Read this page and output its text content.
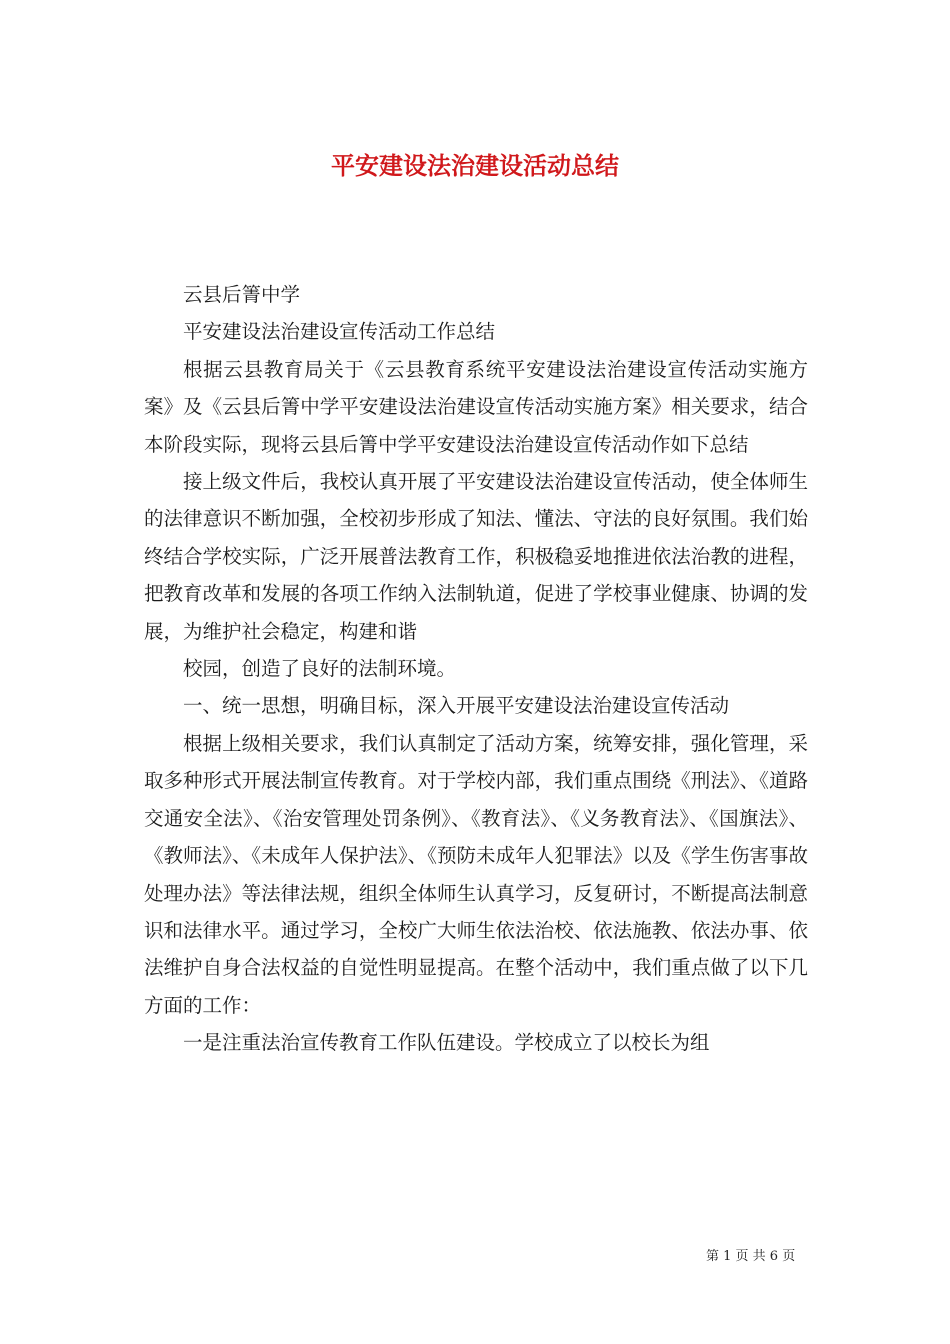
平安建设法治建设活动总结

云县后箐中学

平安建设法治建设宣传活动工作总结

根据云县教育局关于《云县教育系统平安建设法治建设宣传活动实施方案》及《云县后箐中学平安建设法治建设宣传活动实施方案》相关要求，结合本阶段实际，现将云县后箐中学平安建设法治建设宣传活动作如下总结

接上级文件后，我校认真开展了平安建设法治建设宣传活动，使全体师生的法律意识不断加强，全校初步形成了知法、懂法、守法的良好氛围。我们始终结合学校实际，广泛开展普法教育工作，积极稳妥地推进依法治教的进程，把教育改革和发展的各项工作纳入法制轨道，促进了学校事业健康、协调的发展，为维护社会稳定，构建和谐

校园，创造了良好的法制环境。

一、统一思想，明确目标，深入开展平安建设法治建设宣传活动

根据上级相关要求，我们认真制定了活动方案，统筹安排，强化管理，采取多种形式开展法制宣传教育。对于学校内部，我们重点围绕《刑法》、《道路交通安全法》、《治安管理处罚条例》、《教育法》、《义务教育法》、《国旗法》、《教师法》、《未成年人保护法》、《预防未成年人犯罪法》以及《学生伤害事故处理办法》等法律法规，组织全体师生认真学习，反复研讨，不断提高法制意识和法律水平。通过学习，全校广大师生依法治校、依法施教、依法办事、依法维护自身合法权益的自觉性明显提高。在整个活动中，我们重点做了以下几方面的工作：

一是注重法治宣传教育工作队伍建设。学校成立了以校长为组

第 1 页 共 6 页
